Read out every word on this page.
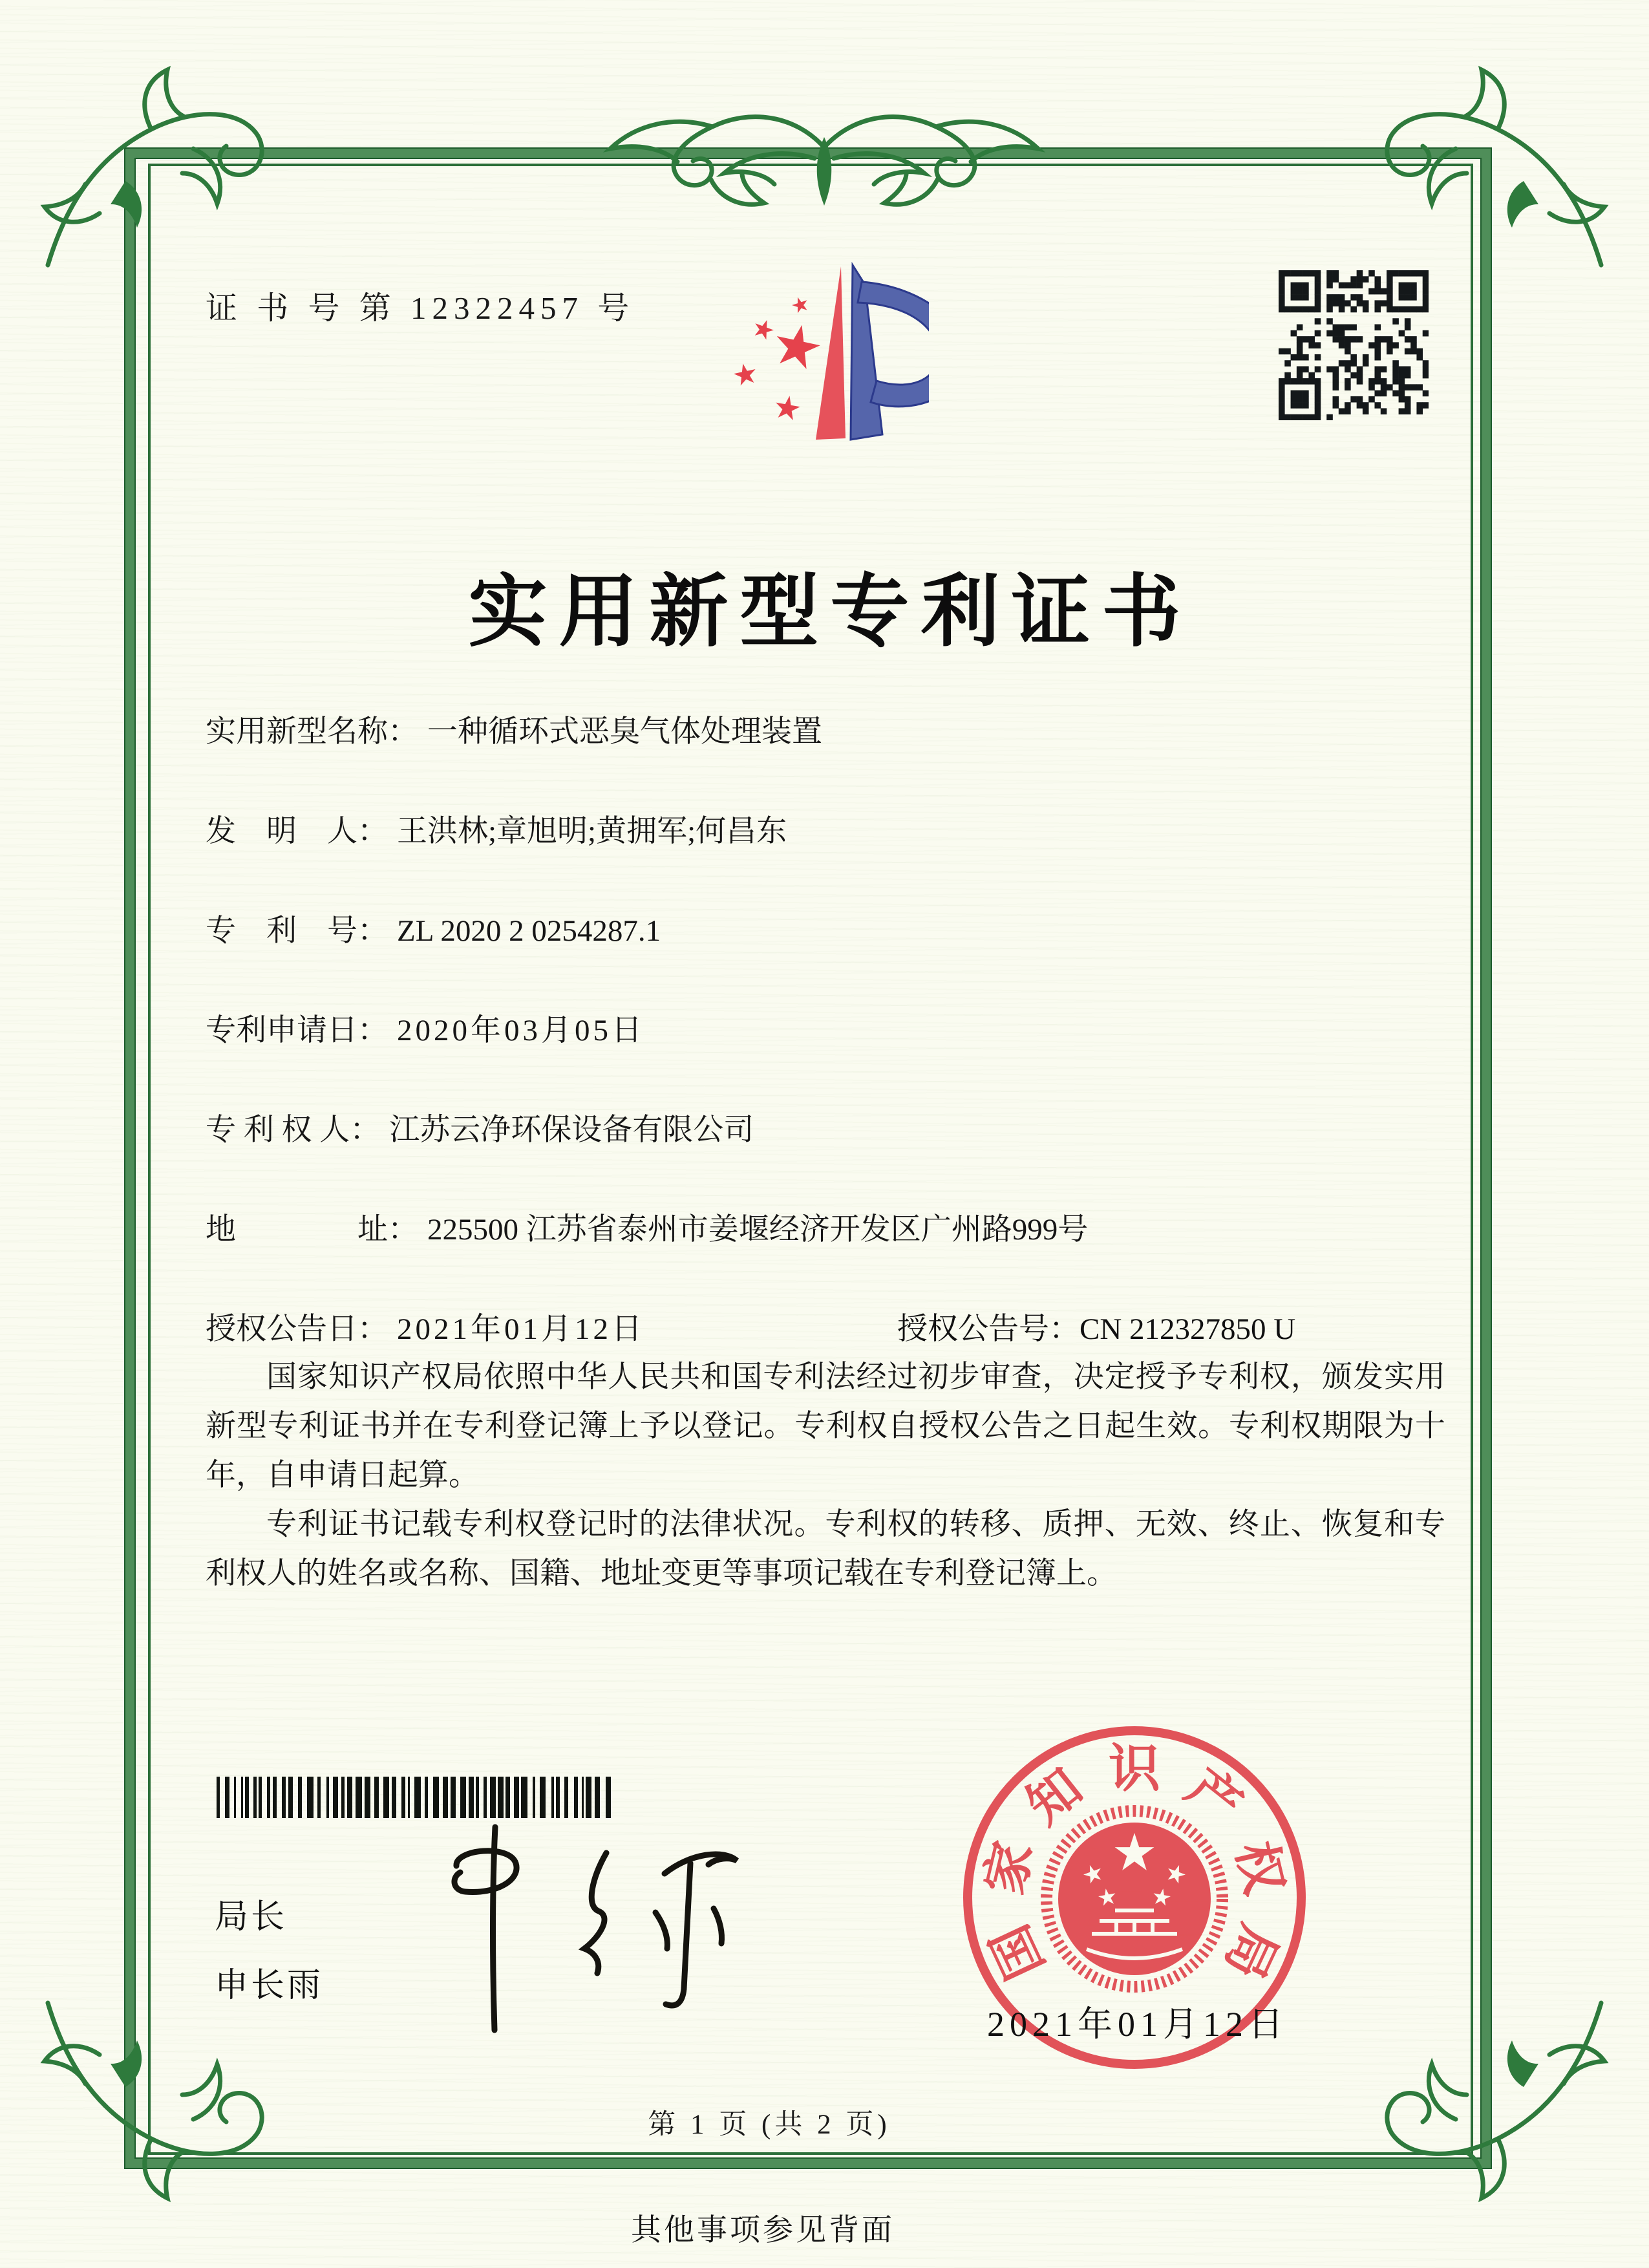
证 书 号 第 12322457 号
实用新型专利证书
实用新型名称： 一种循环式恶臭气体处理装置
发　明　人： 王洪林;章旭明;黄拥军;何昌东
专　利　号： ZL 2020 2 0254287.1
专利申请日： 2020年03月05日
专 利 权 人： 江苏云净环保设备有限公司
地　　　　址： 225500 江苏省泰州市姜堰经济开发区广州路999号
授权公告日： 2021年01月12日	授权公告号：CN 212327850 U

国家知识产权局依照中华人民共和国专利法经过初步审查，决定授予专利权，颁发实用新型专利证书并在专利登记簿上予以登记。专利权自授权公告之日起生效。专利权期限为十年，自申请日起算。

专利证书记载专利权登记时的法律状况。专利权的转移、质押、无效、终止、恢复和专利权人的姓名或名称、国籍、地址变更等事项记载在专利登记簿上。

局长
申长雨	国
家
知 识 产
权
局
2021年01月12日
第 1 页 (共 2 页)
其他事项参见背面
